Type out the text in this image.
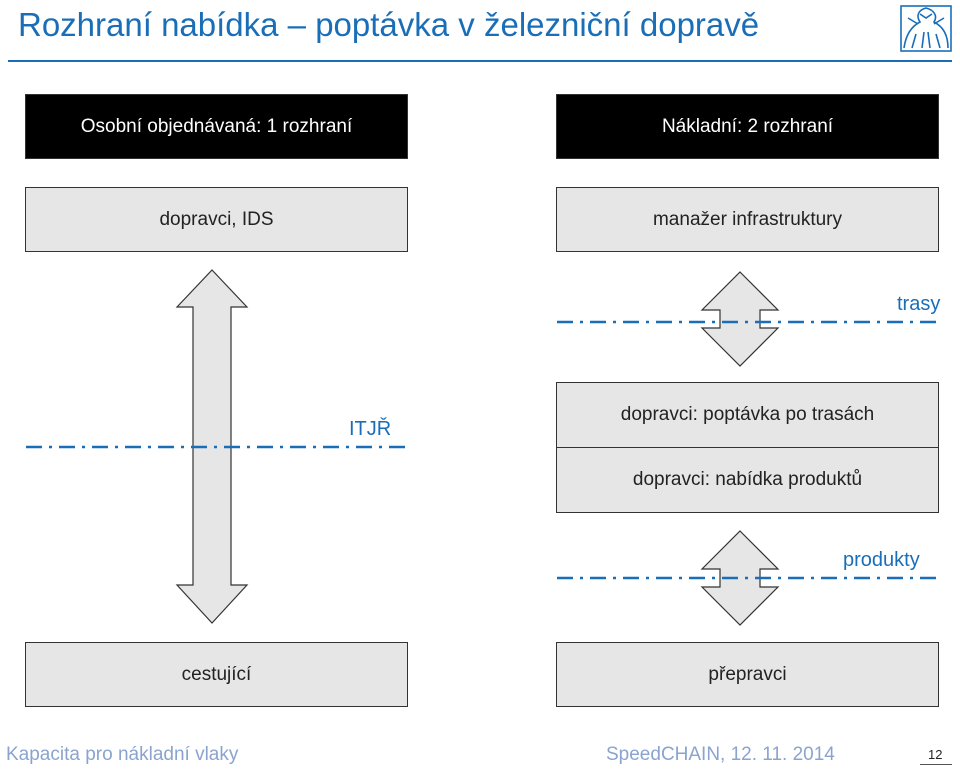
Rozhraní nabídka – poptávka v železniční dopravě
Osobní objednávaná: 1 rozhraní	Nákladní: 2 rozhraní
dopravci, IDS	manažer infrastruktury
dopravci: poptávka po trasách
dopravci: nabídka produktů
cestující	přepravci
ITJŘ
trasy
produkty
Kapacita pro nákladní vlaky	SpeedCHAIN, 12. 11. 2014	12
